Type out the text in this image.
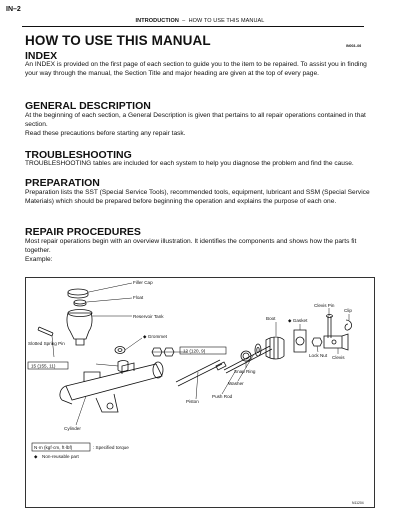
IN–2
INTRODUCTION – HOW TO USE THIS MANUAL
IN003–06
HOW TO USE THIS MANUAL
INDEX

An INDEX is provided on the first page of each section to guide you to the item to be repaired. To assist you in finding your way through the manual, the Section Title and major heading are given at the top of every page.

GENERAL DESCRIPTION

At the beginning of each section, a General Description is given that pertains to all repair operations contained in that section.

Read these precautions before starting any repair task.

TROUBLESHOOTING

TROUBLESHOOTING tables are included for each system to help you diagnose the problem and find the cause.

PREPARATION

Preparation lists the SST (Special Service Tools), recommended tools, equipment, lubricant and SSM (Special Service Materials) which should be prepared before beginning the operation and explains the purpose of each one.

REPAIR PROCEDURES

Most repair operations begin with an overview illustration. It identifies the components and shows how the parts fit together.

Example:

Filler Cap
Float
Reservoir Tank
◆ Grommet
Slotted Spring Pin
12 (120, 9)
15 (155, 11)
Clevis Pin
◆ Gasket
Clip
Boot
Clevis
Lock Nut
Snap Ring
Washer
Push Rod
Piston
Cylinder
N·m (kgf·cm, ft·lbf)	: Specified torque
◆ Non-reusable part
N11204
